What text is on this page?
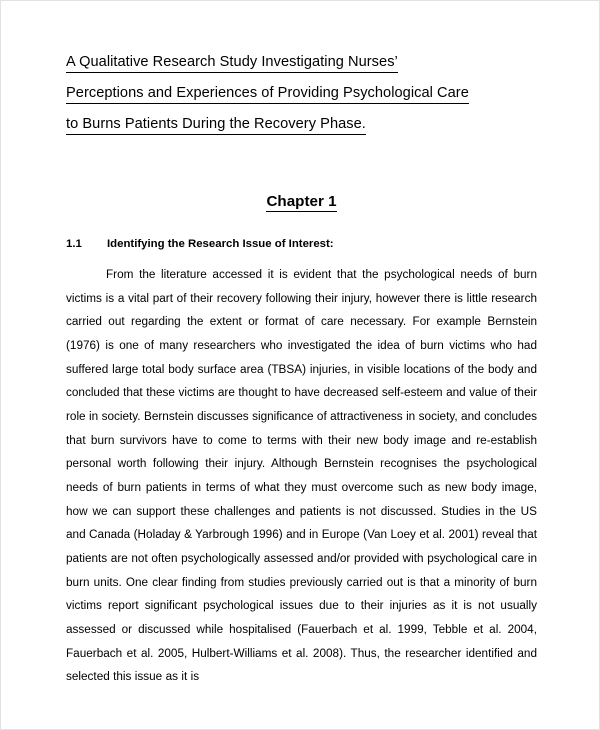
A Qualitative Research Study Investigating Nurses’
Perceptions and Experiences of Providing Psychological Care
to Burns Patients During the Recovery Phase.
Chapter 1
1.1	Identifying the Research Issue of Interest:

From the literature accessed it is evident that the psychological needs of burn victims is a vital part of their recovery following their injury, however there is little research carried out regarding the extent or format of care necessary. For example Bernstein (1976) is one of many researchers who investigated the idea of burn victims who had suffered large total body surface area (TBSA) injuries, in visible locations of the body and concluded that these victims are thought to have decreased self-esteem and value of their role in society. Bernstein discusses significance of attractiveness in society, and concludes that burn survivors have to come to terms with their new body image and re-establish personal worth following their injury. Although Bernstein recognises the psychological needs of burn patients in terms of what they must overcome such as new body image, how we can support these challenges and patients is not discussed. Studies in the US and Canada (Holaday & Yarbrough 1996) and in Europe (Van Loey et al. 2001) reveal that patients are not often psychologically assessed and/or provided with psychological care in burn units. One clear finding from studies previously carried out is that a minority of burn victims report significant psychological issues due to their injuries as it is not usually assessed or discussed while hospitalised (Fauerbach et al. 1999, Tebble et al. 2004, Fauerbach et al. 2005, Hulbert-Williams et al. 2008). Thus, the researcher identified and selected this issue as it is
